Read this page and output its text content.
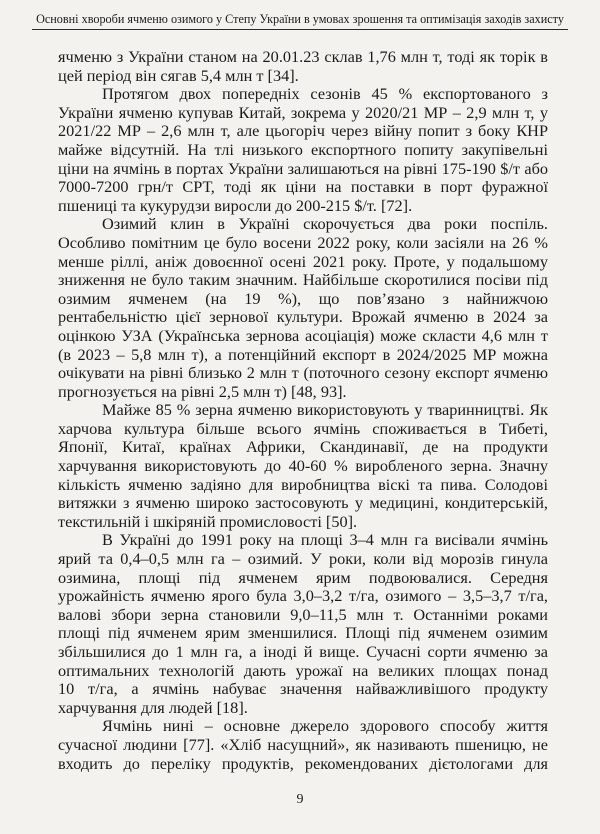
Основні хвороби ячменю озимого у Степу України в умовах зрошення та оптимізація заходів захисту
ячменю з України станом на 20.01.23 склав 1,76 млн т, тоді як торік в
цей період він сягав 5,4 млн т [34].
Протягом двох попередніх сезонів 45 % експортованого з
України ячменю купував Китай, зокрема у 2020/21 МР – 2,9 млн т, у
2021/22 МР – 2,6 млн т, але цьогоріч через війну попит з боку КНР
майже відсутній. На тлі низького експортного попиту закупівельні
ціни на ячмінь в портах України залишаються на рівні 175-190 $/т або
7000-7200 грн/т СРТ, тоді як ціни на поставки в порт фуражної
пшениці та кукурудзи виросли до 200-215 $/т. [72].
Озимий клин в Україні скорочується два роки поспіль.
Особливо помітним це було восени 2022 року, коли засіяли на 26 %
менше ріллі, аніж довоєнної осені 2021 року. Проте, у подальшому
зниження не було таким значним. Найбільше скоротилися посіви під
озимим ячменем (на 19 %), що пов’язано з найнижчою
рентабельністю цієї зернової культури. Врожай ячменю в 2024 за
оцінкою УЗА (Українська зернова асоціація) може скласти 4,6 млн т
(в 2023 – 5,8 млн т), а потенційний експорт в 2024/2025 МР можна
очікувати на рівні близько 2 млн т (поточного сезону експорт ячменю
прогнозується на рівні 2,5 млн т) [48, 93].
Майже 85 % зерна ячменю використовують у тваринництві. Як
харчова культура більше всього ячмінь споживається в Тибеті,
Японії, Китаї, країнах Африки, Скандинавії, де на продукти
харчування використовують до 40-60 % виробленого зерна. Значну
кількість ячменю задіяно для виробництва віскі та пива. Солодові
витяжки з ячменю широко застосовують у медицині, кондитерській,
текстильній і шкіряній промисловості [50].
В Україні до 1991 року на площі 3–4 млн га висівали ячмінь
ярий та 0,4–0,5 млн га – озимий. У роки, коли від морозів гинула
озимина, площі під ячменем ярим подвоювалися. Середня
урожайність ячменю ярого була 3,0–3,2 т/га, озимого – 3,5–3,7 т/га,
валові збори зерна становили 9,0–11,5 млн т. Останніми роками
площі під ячменем ярим зменшилися. Площі під ячменем озимим
збільшилися до 1 млн га, а іноді й вище. Сучасні сорти ячменю за
оптимальних технологій дають урожаї на великих площах понад
10 т/га, а ячмінь набуває значення найважливішого продукту
харчування для людей [18].
Ячмінь нині – основне джерело здорового способу життя
сучасної людини [77]. «Хліб насущний», як називають пшеницю, не
входить до переліку продуктів, рекомендованих дієтологами для
9
